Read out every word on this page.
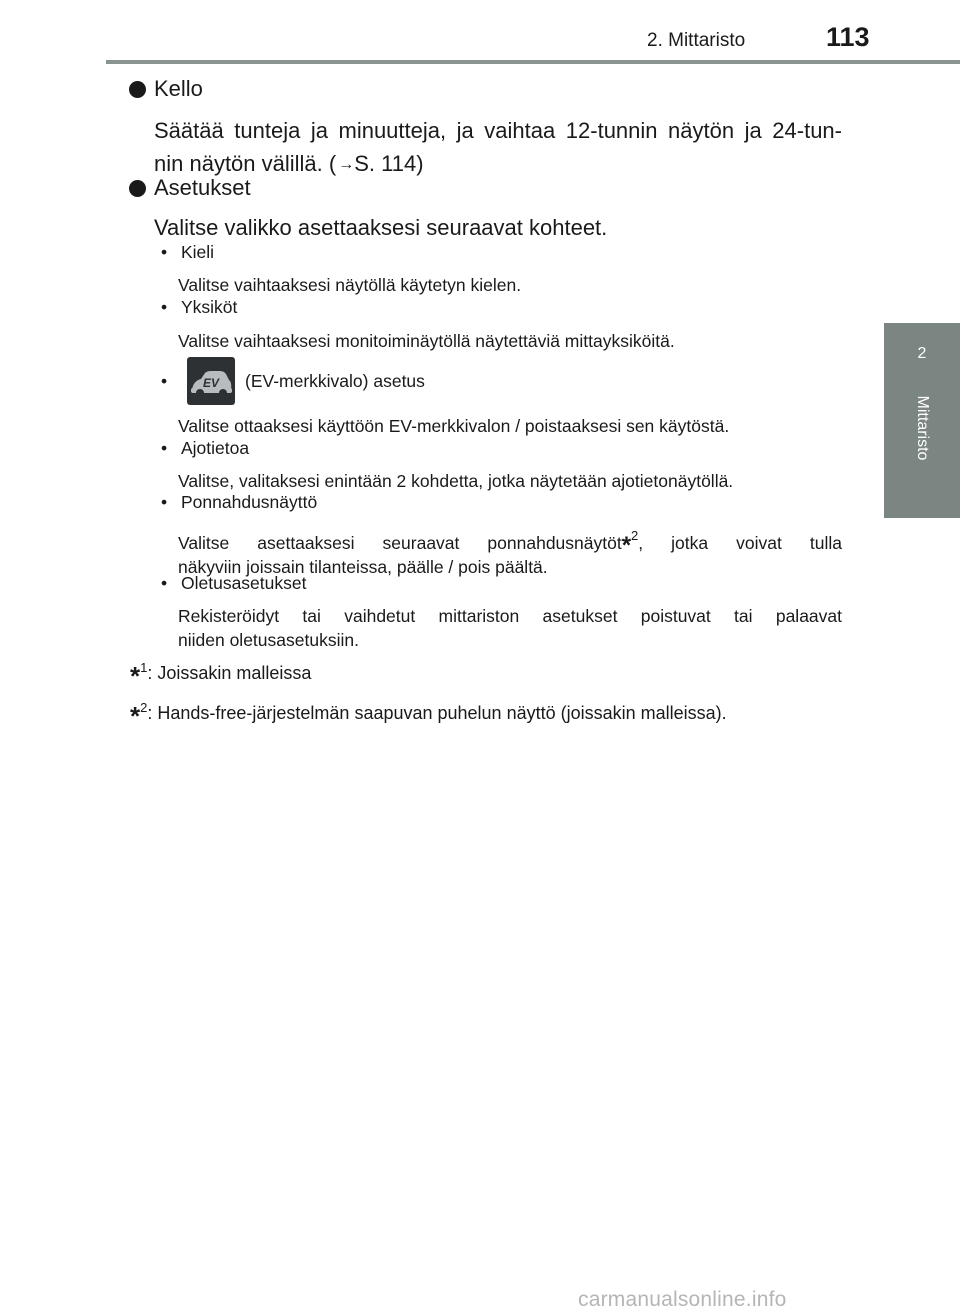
2. Mittaristo	113
2
Mittaristo
Kello
Säätää tunteja ja minuutteja, ja vaihtaa 12-tunnin näytön ja 24-tun-
nin näytön välillä. ( →S. 114)
Asetukset
Valitse valikko asettaaksesi seuraavat kohteet.
• Kieli
Valitse vaihtaaksesi näytöllä käytetyn kielen.
• Yksiköt
Valitse vaihtaaksesi monitoiminäytöllä näytettäviä mittayksiköitä.
•	EV (EV-merkkivalo) asetus
Valitse ottaaksesi käyttöön EV-merkkivalon / poistaaksesi sen käytöstä.
• Ajotietoa
Valitse, valitaksesi enintään 2 kohdetta, jotka näytetään ajotietonäytöllä.
• Ponnahdusnäyttö
Valitse asettaaksesi seuraavat ponnahdusnäytöt*$^2$, jotka voivat tulla
näkyviin joissain tilanteissa, päälle / pois päältä.
• Oletusasetukset
Rekisteröidyt tai vaihdetut mittariston asetukset poistuvat tai palaavat
niiden oletusasetuksiin.
*$^1$: Joissakin malleissa
*$^2$: Hands-free-järjestelmän saapuvan puhelun näyttö (joissakin malleissa).
carmanualsonline.info
